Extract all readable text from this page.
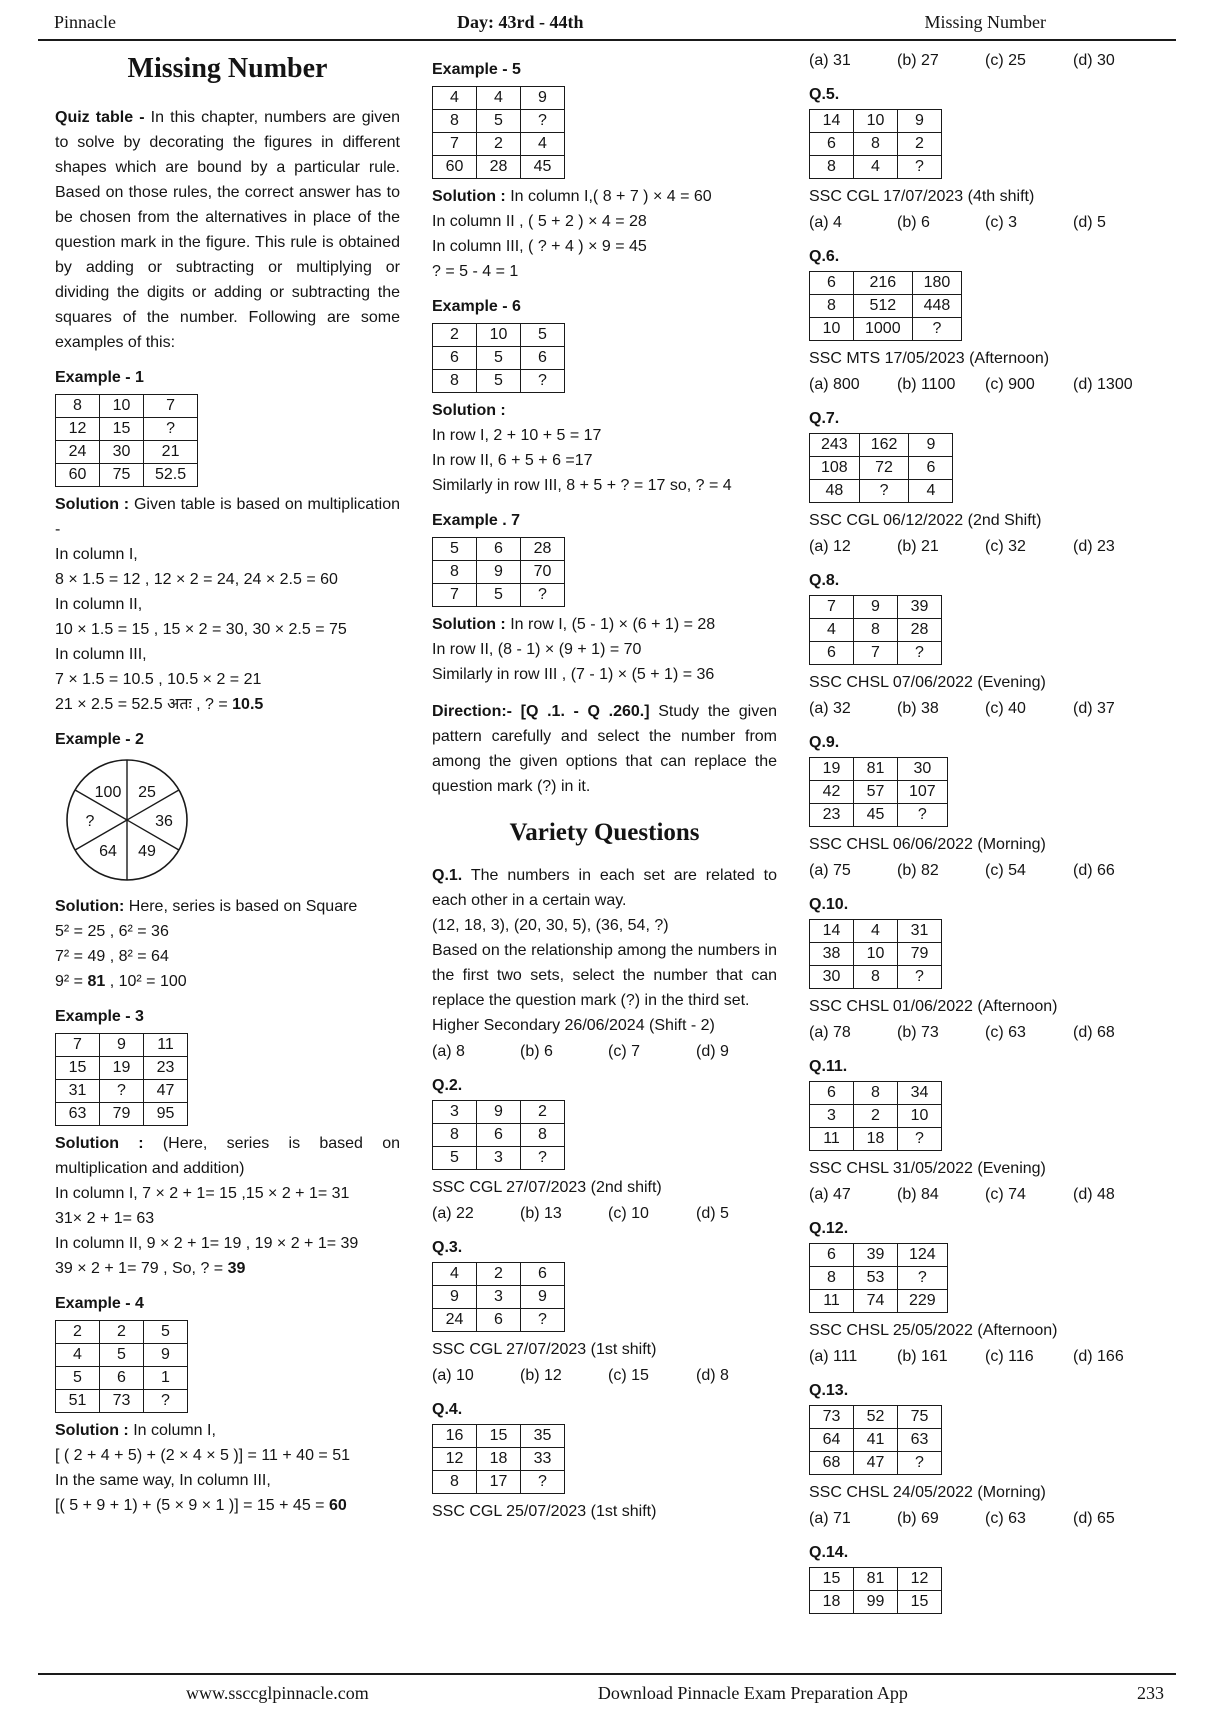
Pinnacle	Day: 43rd - 44th	Missing Number
Missing Number
Quiz table - In this chapter, numbers are given to solve by decorating the figures in different shapes which are bound by a particular rule. Based on those rules, the correct answer has to be chosen from the alternatives in place of the question mark in the figure. This rule is obtained by adding or subtracting or multiplying or dividing the digits or adding or subtracting the squares of the number. Following are some examples of this:
Example - 1
8	10	7
12	15	?
24	30	21
60	75	52.5
Solution : Given table is based on multiplication -
In column I,
8 × 1.5 = 12 , 12 × 2 = 24, 24 × 2.5 = 60
In column II,
10 × 1.5 = 15 , 15 × 2 = 30, 30 × 2.5 = 75
In column III,
7 × 1.5 = 10.5 , 10.5 × 2 = 21
21 × 2.5 = 52.5 अतः , ? = 10.5
Example - 2
100 25
?	36
64 49
Solution: Here, series is based on Square
5² = 25 , 6² = 36
7² = 49 , 8² = 64
9² = 81 , 10² = 100
Example - 3
7	9	11
15	19	23
31	?	47
63	79	95
Solution : (Here, series is based on multiplication and addition)
In column I, 7 × 2 + 1= 15 ,15 × 2 + 1= 31
31× 2 + 1= 63
In column II, 9 × 2 + 1= 19 , 19 × 2 + 1= 39
39 × 2 + 1= 79 , So, ? = 39
Example - 4
2	2	5
4	5	9
5	6	1
51	73	?
Solution : In column I,
[ ( 2 + 4 + 5) + (2 × 4 × 5 )] = 11 + 40 = 51
In the same way, In column III,
[( 5 + 9 + 1) + (5 × 9 × 1 )] = 15 + 45 = 60
Example - 5
4	4	9
8	5	?
7	2	4
60	28	45
Solution : In column I,( 8 + 7 ) × 4 = 60
In column II , ( 5 + 2 ) × 4 = 28
In column III, ( ? + 4 ) × 9 = 45
? = 5 - 4 = 1
Example - 6
2	10	5
6	5	6
8	5	?
Solution :
In row I, 2 + 10 + 5 = 17
In row II, 6 + 5 + 6 =17
Similarly in row III, 8 + 5 + ? = 17 so, ? = 4
Example . 7
5	6	28
8	9	70
7	5	?
Solution : In row I, (5 - 1) × (6 + 1) = 28
In row II, (8 - 1) × (9 + 1) = 70
Similarly in row III , (7 - 1) × (5 + 1) = 36
Direction:- [Q .1. - Q .260.] Study the given pattern carefully and select the number from among the given options that can replace the question mark (?) in it.
Variety Questions
Q.1. The numbers in each set are related to each other in a certain way.
(12, 18, 3), (20, 30, 5), (36, 54, ?)
Based on the relationship among the numbers in the first two sets, select the number that can replace the question mark (?) in the third set.
Higher Secondary 26/06/2024 (Shift - 2)
(a) 8	(b) 6	(c) 7	(d) 9
Q.2.
3	9	2
8	6	8
5	3	?
SSC CGL 27/07/2023 (2nd shift)
(a) 22	(b) 13	(c) 10	(d) 5
Q.3.
4	2	6
9	3	9
24	6	?
SSC CGL 27/07/2023 (1st shift)
(a) 10	(b) 12	(c) 15	(d) 8
Q.4.
16	15	35
12	18	33
8	17	?
SSC CGL 25/07/2023 (1st shift)
(a) 31	(b) 27	(c) 25	(d) 30
Q.5.
14	10	9
6	8	2
8	4	?
SSC CGL 17/07/2023 (4th shift)
(a) 4	(b) 6	(c) 3	(d) 5
Q.6.
6	216	180
8	512	448
10	1000	?
SSC MTS 17/05/2023 (Afternoon)
(a) 800	(b) 1100	(c) 900	(d) 1300
Q.7.
243	162	9
108	72	6
48	?	4
SSC CGL 06/12/2022 (2nd Shift)
(a) 12	(b) 21	(c) 32	(d) 23
Q.8.
7	9	39
4	8	28
6	7	?
SSC CHSL 07/06/2022 (Evening)
(a) 32	(b) 38	(c) 40	(d) 37
Q.9.
19	81	30
42	57	107
23	45	?
SSC CHSL 06/06/2022 (Morning)
(a) 75	(b) 82	(c) 54	(d) 66
Q.10.
14	4	31
38	10	79
30	8	?
SSC CHSL 01/06/2022 (Afternoon)
(a) 78	(b) 73	(c) 63	(d) 68
Q.11.
6	8	34
3	2	10
11	18	?
SSC CHSL 31/05/2022 (Evening)
(a) 47	(b) 84	(c) 74	(d) 48
Q.12.
6	39	124
8	53	?
11	74	229
SSC CHSL 25/05/2022 (Afternoon)
(a) 111	(b) 161	(c) 116	(d) 166
Q.13.
73	52	75
64	41	63
68	47	?
SSC CHSL 24/05/2022 (Morning)
(a) 71	(b) 69	(c) 63	(d) 65
Q.14.
15	81	12
18	99	15
www.ssccglpinnacle.com	Download Pinnacle Exam Preparation App	233
